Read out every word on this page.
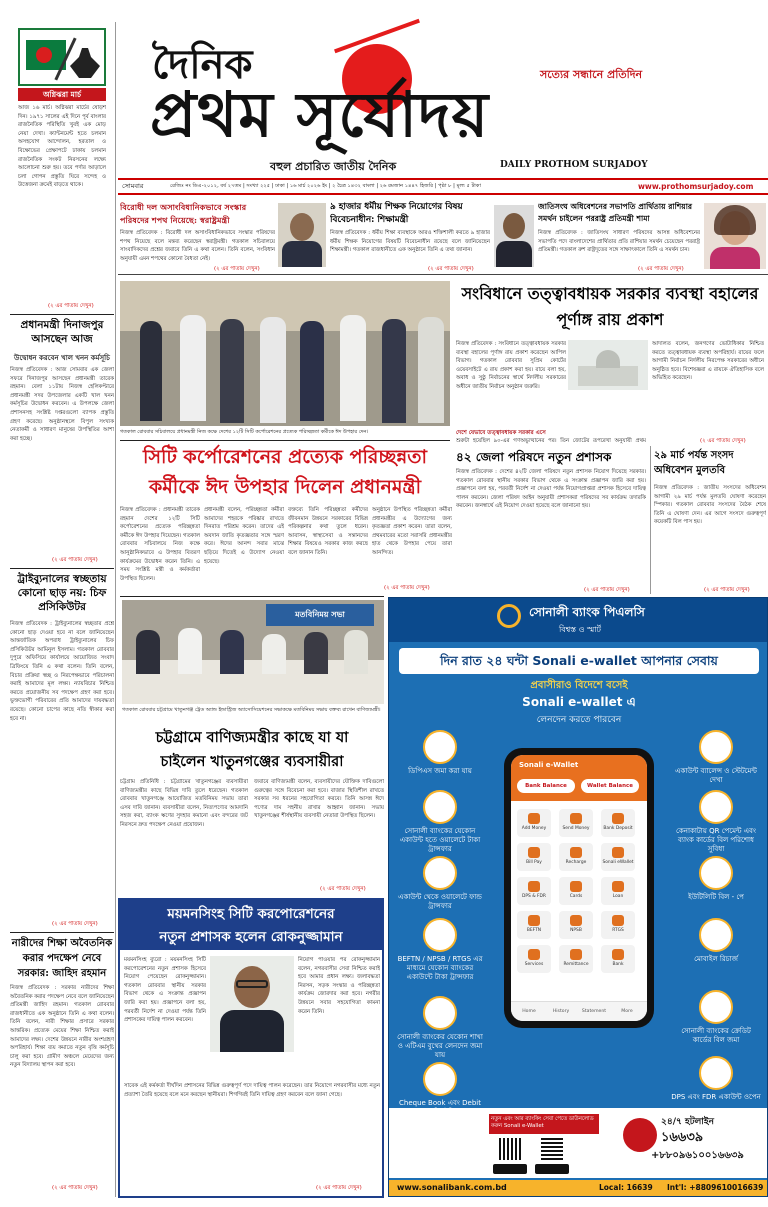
অগ্নিঝরা মার্চ
আজ ১৬ মার্চ। অগ্নিঝরা মার্চের ষোড়শ দিন। ১৯৭১ সালের এই দিনে পূর্ব বাংলার রাজনৈতিক পরিস্থিতি খুবই এক মোড় নেয়া দেখা। ক্যান্টনমেন্ট হতে চলমান অসহযোগ আন্দোলন, হরতাল ও বিক্ষোভের প্রেক্ষাপটে ঢাকায় চলমান রাজনৈতিক সংকট নিরসনের লক্ষ্যে আলোচনা শুরু হয়। তবে পর্দার আড়ালে চলা গোপন প্রস্তুতি ঘিরে সন্দেহ ও উত্তেজনা ক্রমেই বাড়তে থাকে।
(২ এর পাতায় দেখুন)
প্রধানমন্ত্রী দিনাজপুর আসছেন আজ
উদ্বোধন করবেন খাল খনন কর্মসূচি
নিজস্ব প্রতিবেদক : আজ সোমবার এক জেলা সফরে দিনাজপুর আসছেন প্রধানমন্ত্রী তারেক রহমান। বেলা ১১টায় নিজস্ব হেলিকপ্টারে প্রধানমন্ত্রী সদর উপজেলার একটি খাল খনন কর্মসূচির উদ্বোধন করবেন। এ উপলক্ষে জেলা প্রশাসনসহ সংশ্লিষ্ট দপ্তরগুলো ব্যাপক প্রস্তুতি গ্রহণ করেছে। অনুষ্ঠানস্থলে বিপুল সংখ্যক নেতাকর্মী ও সাধারণ মানুষের উপস্থিতির আশা করা হচ্ছে।
(২ এর পাতায় দেখুন)
ট্রাইব্যুনালের স্বচ্ছতায় কোনো ছাড় নয়: চিফ প্রসিকিউটর
নিজস্ব প্রতিবেদক : ট্রাইব্যুনালের স্বচ্ছতার প্রশ্নে কোনো ছাড় দেওয়া হবে না বলে জানিয়েছেন আন্তর্জাতিক অপরাধ ট্রাইব্যুনালের চিফ প্রসিকিউটর আমিনুল ইসলাম। গতকাল রোববার দুপুরে অফিসিয়ে কার্যালয়ে আয়োজিত সংবাদ ব্রিফিংয়ে তিনি এ কথা বলেন। তিনি বলেন, বিচার প্রক্রিয়া স্বচ্ছ ও নিরপেক্ষভাবে পরিচালনা করাই আমাদের মূল লক্ষ্য। ন্যায়বিচার নিশ্চিত করতে প্রয়োজনীয় সব পদক্ষেপ গ্রহণ করা হবে। ভুক্তভোগী পরিবারের প্রতি আমাদের দায়বদ্ধতা রয়েছে। কোনো চাপের কাছে নতি স্বীকার করা হবে না।
(২ এর পাতায় দেখুন)
নারীদের শিক্ষা অবৈতনিক করার পদক্ষেপ নেবে সরকার: জাহিদ রহমান
নিজস্ব প্রতিবেদক : সরকার নারীদের শিক্ষা অবৈতনিক করার পদক্ষেপ নেবে বলে জানিয়েছেন প্রতিমন্ত্রী জাহিদ রহমান। গতকাল রোববার রাজধানীতে এক অনুষ্ঠানে তিনি এ কথা বলেন। তিনি বলেন, নারী শিক্ষার প্রসারে সরকার আন্তরিক। প্রত্যেক মেয়ের শিক্ষা নিশ্চিত করাই আমাদের লক্ষ্য। দেশের উন্নয়নে নারীর অংশগ্রহণ অপরিহার্য। শিক্ষা ব্যয় কমাতে নতুন বৃত্তি কর্মসূচি চালু করা হবে। গ্রামীণ অঞ্চলে মেয়েদের জন্য নতুন বিদ্যালয় স্থাপন করা হবে।
(২ এর পাতায় দেখুন)
দৈনিক	সত্যের সন্ধানে প্রতিদিন
প্রথম সূর্যোদয়
বহুল প্রচারিত জাতীয় দৈনিক	DAILY PROTHOM SURJADOY
সোমবার	রেজিঃ নং ডিএ-২০১২, বর্ষ ২৭তম | সংখ্যা ২২৫ | ঢাকা | ১৬ মার্চ ২০২৬ ইং | ২ চৈত্র ১৪৩২ বাংলা | ২৬ রমজান ১৪৪৭ হিজরি | পৃষ্ঠা ৮ | মূল্য ৫ টাকা	www.prothomsurjadoy.com
বিরোধী দল অসাংবিধানিকভাবে সংস্কার পরিষদের শপথ নিয়েছে: স্বরাষ্ট্রমন্ত্রী
নিজস্ব প্রতিবেদক : বিরোধী দল অসাংবিধানিকভাবে সংস্কার পরিষদের শপথ নিয়েছে বলে মন্তব্য করেছেন স্বরাষ্ট্রমন্ত্রী। গতকাল সচিবালয়ে সাংবাদিকদের প্রশ্নের জবাবে তিনি এ কথা বলেন। তিনি বলেন, সংবিধান অনুযায়ী এমন শপথের কোনো বৈধতা নেই।
(২ এর পাতায় দেখুন)
৯ হাজার ধর্মীয় শিক্ষক নিয়োগের বিষয় বিবেচনাধীন: শিক্ষামন্ত্রী
নিজস্ব প্রতিবেদক : ধর্মীয় শিক্ষা ব্যবস্থাকে আরও শক্তিশালী করতে ৯ হাজার ধর্মীয় শিক্ষক নিয়োগের বিষয়টি বিবেচনাধীন রয়েছে বলে জানিয়েছেন শিক্ষামন্ত্রী। গতকাল রাজধানীতে এক অনুষ্ঠানে তিনি এ তথ্য জানান।
(২ এর পাতায় দেখুন)
জাতিসংঘ অধিবেশনের সভাপতি প্রার্থিতায় রাশিয়ার সমর্থন চাইলেন পররাষ্ট্র প্রতিমন্ত্রী শামা
নিজস্ব প্রতিবেদক : জাতিসংঘ সাধারণ পরিষদের আসন্ন অধিবেশনের সভাপতি পদে বাংলাদেশের প্রার্থিতার প্রতি রাশিয়ার সমর্থন চেয়েছেন পররাষ্ট্র প্রতিমন্ত্রী। গতকাল রুশ রাষ্ট্রদূতের সঙ্গে সাক্ষাৎকালে তিনি এ সমর্থন চান।
(২ এর পাতায় দেখুন)
গতকাল রোববার সচিবালয়ে প্রধানমন্ত্রী নিজ কক্ষে দেশের ১২টি সিটি কর্পোরেশনের প্রত্যেক পরিচ্ছন্নতা কর্মীকে ঈদ উপহার দেন।
সংবিধানে তত্ত্বাবধায়ক সরকার ব্যবস্থা বহালের পূর্ণাঙ্গ রায় প্রকাশ
নিজস্ব প্রতিবেদক : সংবিধানে তত্ত্বাবধায়ক সরকার ব্যবস্থা বহালের পূর্ণাঙ্গ রায় প্রকাশ করেছেন আপিল বিভাগ। গতকাল রোববার সুপ্রিম কোর্টের ওয়েবসাইটে এ রায় প্রকাশ করা হয়। রায়ে বলা হয়, অবাধ ও সুষ্ঠু নির্বাচনের স্বার্থে নির্দলীয় সরকারের অধীনে জাতীয় নির্বাচন অনুষ্ঠান জরুরি।
আদালত বলেন, জনগণের ভোটাধিকার নিশ্চিত করতে তত্ত্বাবধায়ক ব্যবস্থা অপরিহার্য। রায়ের ফলে আগামী নির্বাচন নির্দলীয় নিরপেক্ষ সরকারের অধীনে অনুষ্ঠিত হবে। বিশেষজ্ঞরা এ রায়কে ঐতিহাসিক বলে অভিহিত করেছেন।
দেশে যেভাবে তত্ত্বাবধায়ক সরকার এসে
শুরুটা হয়েছিল ৯০-এর গণঅভ্যুত্থানের পর। তিন জোটের রূপরেখা অনুযায়ী প্রথম	(২ এর পাতায় দেখুন)
সিটি কর্পোরেশনের প্রত্যেক পরিচ্ছন্নতা
কর্মীকে ঈদ উপহার দিলেন প্রধানমন্ত্রী
নিজস্ব প্রতিবেদক : প্রধানমন্ত্রী তারেক রহমান দেশের ১২টি সিটি কর্পোরেশনের প্রত্যেক পরিচ্ছন্নতা কর্মীকে ঈদ উপহার দিয়েছেন। গতকাল রোববার সচিবালয়ে নিজ কক্ষে আনুষ্ঠানিকভাবে এ উপহার বিতরণ কার্যক্রমের উদ্বোধন করেন তিনি। এ সময় সংশ্লিষ্ট মন্ত্রী ও কর্মকর্তারা উপস্থিত ছিলেন।
প্রধানমন্ত্রী বলেন, পরিচ্ছন্নতা কর্মীরা আমাদের শহরকে পরিষ্কার রাখতে দিনরাত পরিশ্রম করেন। তাদের এই অবদান জাতি কৃতজ্ঞতার সঙ্গে স্মরণ করে। ঈদের আনন্দ সবার মাঝে ছড়িয়ে দিতেই এ উদ্যোগ নেওয়া হয়েছে।
বক্তব্যে তিনি পরিচ্ছন্নতা কর্মীদের জীবনমান উন্নয়নে সরকারের বিভিন্ন পরিকল্পনার কথা তুলে ধরেন। আবাসন, স্বাস্থ্যসেবা ও সন্তানদের শিক্ষার বিষয়েও সরকার কাজ করছে বলে জানান তিনি।
অনুষ্ঠানে উপস্থিত পরিচ্ছন্নতা কর্মীরা প্রধানমন্ত্রীর এ উদ্যোগের জন্য কৃতজ্ঞতা প্রকাশ করেন। তারা বলেন, প্রথমবারের মতো সরাসরি প্রধানমন্ত্রীর হাত থেকে উপহার পেয়ে তারা আনন্দিত।
(২ এর পাতায় দেখুন)
৪২ জেলা পরিষদে নতুন প্রশাসক
নিজস্ব প্রতিবেদক : দেশের ৪২টি জেলা পরিষদে নতুন প্রশাসক নিয়োগ দিয়েছে সরকার। গতকাল রোববার স্থানীয় সরকার বিভাগ থেকে এ সংক্রান্ত প্রজ্ঞাপন জারি করা হয়। প্রজ্ঞাপনে বলা হয়, পরবর্তী নির্দেশ না দেওয়া পর্যন্ত নিয়োগপ্রাপ্তরা প্রশাসক হিসেবে দায়িত্ব পালন করবেন। জেলা পরিষদ আইন অনুযায়ী প্রশাসকরা পরিষদের সব কার্যক্রম তদারকি করবেন। জনস্বার্থে এই নিয়োগ দেওয়া হয়েছে বলে জানানো হয়।
(২ এর পাতায় দেখুন)
২৯ মার্চ পর্যন্ত সংসদ অধিবেশন মুলতবি
নিজস্ব প্রতিবেদক : জাতীয় সংসদের অধিবেশন আগামী ২৯ মার্চ পর্যন্ত মুলতবি ঘোষণা করেছেন স্পিকার। গতকাল রোববার সংসদের বৈঠক শেষে তিনি এ ঘোষণা দেন। এর আগে সংসদে গুরুত্বপূর্ণ কয়েকটি বিল পাস হয়।
(২ এর পাতায় দেখুন)
মতবিনিময় সভা
গতকাল রোববার চট্টগ্রামে খাতুনগঞ্জ ট্রেড অ্যান্ড ইন্ডাস্ট্রিজ অ্যাসোসিয়েশনের সভাকক্ষে মতবিনিময় সভায় বক্তব্য রাখেন বাণিজ্যমন্ত্রী।
চট্টগ্রামে বাণিজ্যমন্ত্রীর কাছে যা যা
চাইলেন খাতুনগঞ্জের ব্যবসায়ীরা
চট্টগ্রাম প্রতিনিধি : চট্টগ্রামের খাতুনগঞ্জের ব্যবসায়ীরা বাণিজ্যমন্ত্রীর কাছে বিভিন্ন দাবি তুলে ধরেছেন। গতকাল রোববার খাতুনগঞ্জে আয়োজিত মতবিনিময় সভায় তারা এসব দাবি জানান। ব্যবসায়ীরা বলেন, নিত্যপণ্যের আমদানি সহজ করা, ব্যাংক ঋণের সুদহার কমানো এবং বন্দরের জট নিরসনে দ্রুত পদক্ষেপ নেওয়া প্রয়োজন।
জবাবে বাণিজ্যমন্ত্রী বলেন, ব্যবসায়ীদের যৌক্তিক দাবিগুলো গুরুত্বের সঙ্গে বিবেচনা করা হবে। বাজার স্থিতিশীল রাখতে সরকার সব ধরনের সহযোগিতা করবে। তিনি আসন্ন ঈদে পণ্যের দাম সহনীয় রাখার আহ্বান জানান। সভায় খাতুনগঞ্জের শীর্ষস্থানীয় ব্যবসায়ী নেতারা উপস্থিত ছিলেন।
(২ এর পাতায় দেখুন)
ময়মনসিংহ সিটি করপোরেশনের
নতুন প্রশাসক হলেন রোকনুজ্জামান
ময়মনসিংহ ব্যুরো : ময়মনসিংহ সিটি করপোরেশনের নতুন প্রশাসক হিসেবে নিয়োগ পেয়েছেন রোকনুজ্জামান। গতকাল রোববার স্থানীয় সরকার বিভাগ থেকে এ সংক্রান্ত প্রজ্ঞাপন জারি করা হয়। প্রজ্ঞাপনে বলা হয়, পরবর্তী নির্দেশ না দেওয়া পর্যন্ত তিনি প্রশাসকের দায়িত্ব পালন করবেন।
নিয়োগ পাওয়ার পর রোকনুজ্জামান বলেন, নগরবাসীর সেবা নিশ্চিত করাই হবে আমার প্রধান লক্ষ্য। জলাবদ্ধতা নিরসন, সড়ক সংস্কার ও পরিচ্ছন্নতা কার্যক্রম জোরদার করা হবে। নগরীর উন্নয়নে সবার সহযোগিতা কামনা করেন তিনি।
সাবেক এই কর্মকর্তা দীর্ঘদিন প্রশাসনের বিভিন্ন গুরুত্বপূর্ণ পদে দায়িত্ব পালন করেছেন। তার নিয়োগে নগরবাসীর মধ্যে নতুন প্রত্যাশা তৈরি হয়েছে বলে মনে করছেন স্থানীয়রা। শিগগিরই তিনি দায়িত্ব গ্রহণ করবেন বলে জানা গেছে।
(২ এর পাতায় দেখুন)
সোনালী ব্যাংক পিএলসি
বিশ্বস্ত ও স্মার্ট
দিন রাত ২৪ ঘন্টা Sonali e-wallet আপনার সেবায়
প্রবাসীরাও বিদেশে বসেই
Sonali e-wallet এ
লেনদেন করতে পারবেন
ডিপিএস জমা করা যায়
সোনালী ব্যাংকের যেকোন একাউন্ট হতে ওয়ালেটে টাকা ট্রান্সফার
একাউন্ট থেকে ওয়ালেটে ফান্ড ট্রান্সফার
BEFTN / NPSB / RTGS এর মাধ্যমে যেকোন ব্যাংকের একাউন্টে টাকা ট্রান্সফার
সোনালী ব্যাংকের যেকোন শাখা ও এটিএম বুথের লেনদেন জমা যায়
Cheque Book এবং Debit
একাউন্ট ব্যালেন্স ও স্টেটমেন্ট দেখা
কেনাকাটায় QR পেমেন্ট এবং ব্যাংক কার্ডের বিল পরিশোধ সুবিধা
ইউটিলিটি বিল - পে
মোবাইল রিচার্জ
সোনালী ব্যাংকের ক্রেডিট কার্ডের বিল জমা
DPS এবং FDR একাউন্ট ওপেন
Sonali e-Wallet
Bank Balance	Wallet Balance
Add Money	Send Money	Bank Deposit
Bill Pay	Recharge	Sonali eWallet
DPS & FDR	Cards	Loan
BEFTN	NPSB	RTGS
Services	Remittance	Bank
Home	History	Statement	More
নতুন এবং আর ব্যাংকিং সেবা পেতে ডাউনলোড করুন Sonali e-Wallet	২৪/৭ হটলাইন
১৬৬৩৯
+৮৮০৯৬১০০১৬৬৩৯
www.sonalibank.com.bd	Local: 16639 Int'l: +8809610016639
